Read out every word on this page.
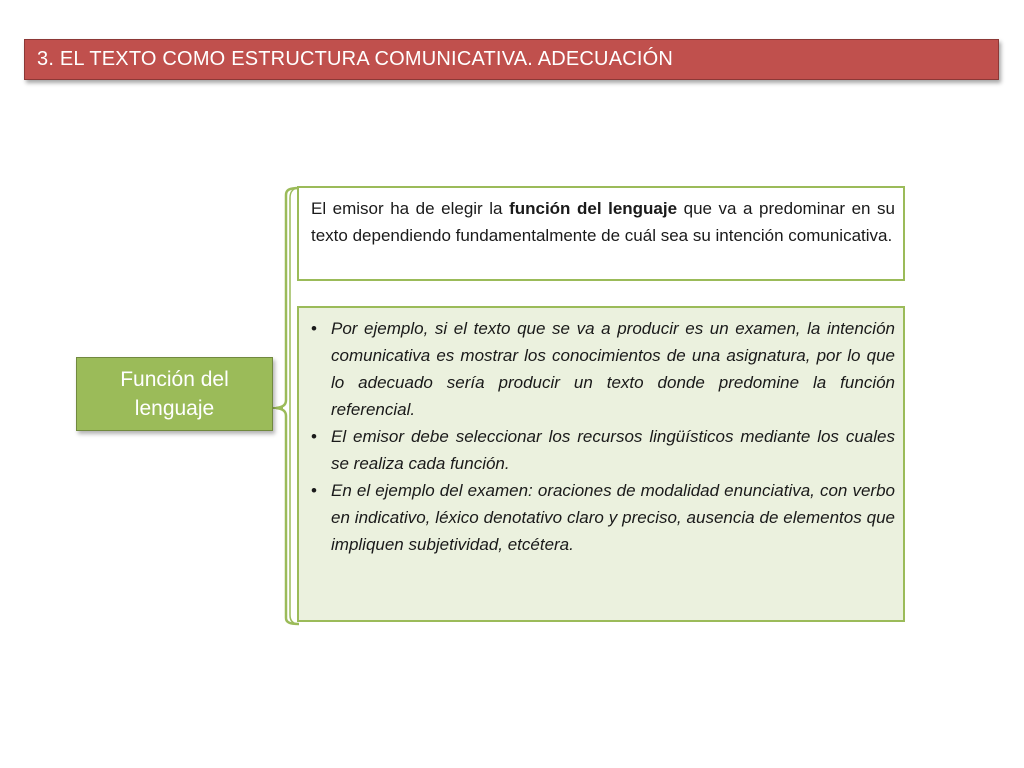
3. EL TEXTO COMO ESTRUCTURA COMUNICATIVA. ADECUACIÓN
Función del lenguaje

El emisor ha de elegir la función del lenguaje que va a predominar en su texto dependiendo fundamentalmente de cuál sea su intención comunicativa.

• Por ejemplo, si el texto que se va a producir es un examen, la intención comunicativa es mostrar los conocimientos de una asignatura, por lo que lo adecuado sería producir un texto donde predomine la función referencial.
• El emisor debe seleccionar los recursos lingüísticos mediante los cuales se realiza cada función.
• En el ejemplo del examen: oraciones de modalidad enunciativa, con verbo en indicativo, léxico denotativo claro y preciso, ausencia de elementos que impliquen subjetividad, etcétera.
